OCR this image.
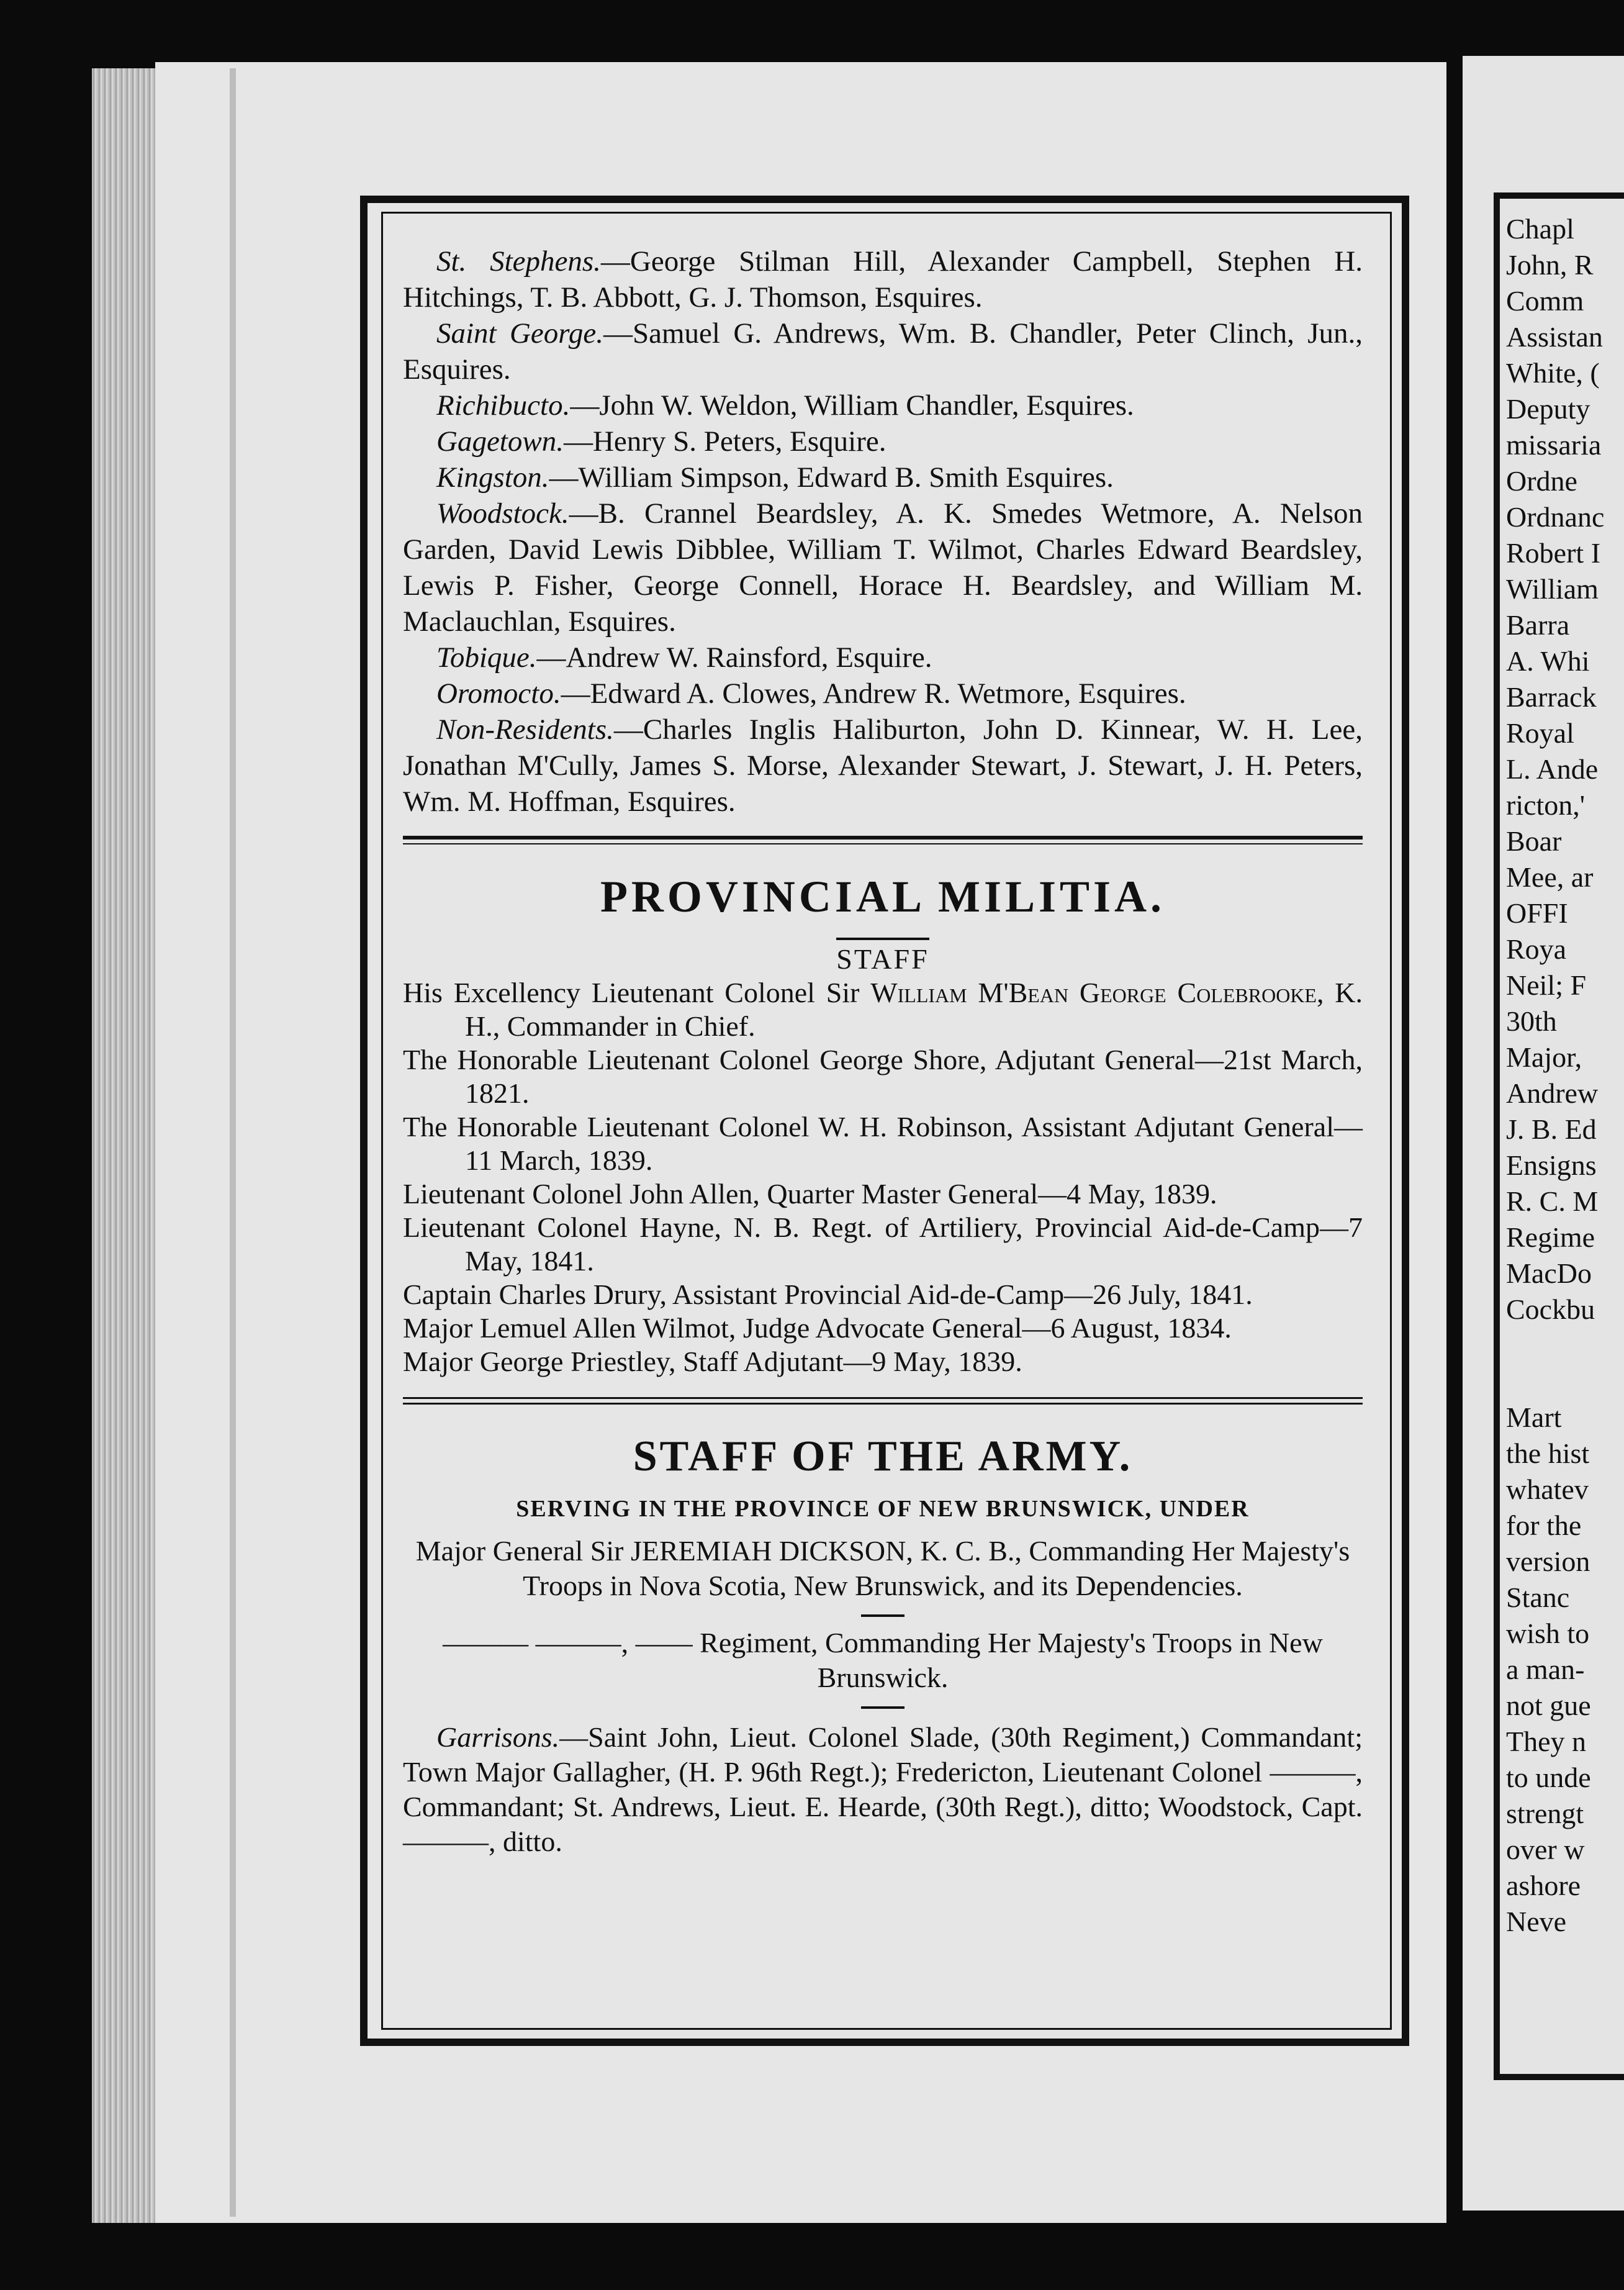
St. Stephens.—George Stilman Hill, Alexander Campbell, Stephen H. Hitchings, T. B. Abbott, G. J. Thomson, Esquires.

Saint George.—Samuel G. Andrews, Wm. B. Chandler, Peter Clinch, Jun., Esquires.

Richibucto.—John W. Weldon, William Chandler, Esquires.

Gagetown.—Henry S. Peters, Esquire.

Kingston.—William Simpson, Edward B. Smith Esquires.

Woodstock.—B. Crannel Beardsley, A. K. Smedes Wetmore, A. Nelson Garden, David Lewis Dibblee, William T. Wilmot, Charles Edward Beardsley, Lewis P. Fisher, George Connell, Horace H. Beardsley, and William M. Maclauchlan, Esquires.

Tobique.—Andrew W. Rainsford, Esquire.

Oromocto.—Edward A. Clowes, Andrew R. Wetmore, Esquires.

Non-Residents.—Charles Inglis Haliburton, John D. Kinnear, W. H. Lee, Jonathan M'Cully, James S. Morse, Alexander Stewart, J. Stewart, J. H. Peters, Wm. M. Hoffman, Esquires.

PROVINCIAL MILITIA.
STAFF

His Excellency Lieutenant Colonel Sir William M'Bean George Colebrooke, K. H., Commander in Chief.

The Honorable Lieutenant Colonel George Shore, Adjutant General—21st March, 1821.

The Honorable Lieutenant Colonel W. H. Robinson, Assistant Adjutant General—11 March, 1839.

Lieutenant Colonel John Allen, Quarter Master General—4 May, 1839.

Lieutenant Colonel Hayne, N. B. Regt. of Artiliery, Provincial Aid-de-Camp—7 May, 1841.

Captain Charles Drury, Assistant Provincial Aid-de-Camp—26 July, 1841.

Major Lemuel Allen Wilmot, Judge Advocate General—6 August, 1834.

Major George Priestley, Staff Adjutant—9 May, 1839.

STAFF OF THE ARMY.
SERVING IN THE PROVINCE OF NEW BRUNSWICK, UNDER
Major General Sir JEREMIAH DICKSON, K. C. B., Commanding Her Majesty's Troops in Nova Scotia, New Brunswick, and its Dependencies.
——— ———, —— Regiment, Commanding Her Majesty's Troops in New Brunswick.

Garrisons.—Saint John, Lieut. Colonel Slade, (30th Regiment,) Commandant; Town Major Gallagher, (H. P. 96th Regt.); Fredericton, Lieutenant Colonel ———, Commandant; St. Andrews, Lieut. E. Hearde, (30th Regt.), ditto; Woodstock, Capt. ———, ditto.

Chapl
John, R
Comm
Assistan
White, (
Deputy
missaria
Ordne
Ordnanc
Robert I
William
Barra
A. Whi
Barrack
Royal
L. Ande
ricton,'
Boar
Mee, ar
OFFI
Roya
Neil; F
30th
Major,
Andrew
J. B. Ed
Ensigns
R. C. M
Regime
MacDo
Cockbu

Mart
the hist
whatev
for the
version
Stanc
wish to
a man-
not gue
They n
to unde
strengt
over w
ashore
Neve
